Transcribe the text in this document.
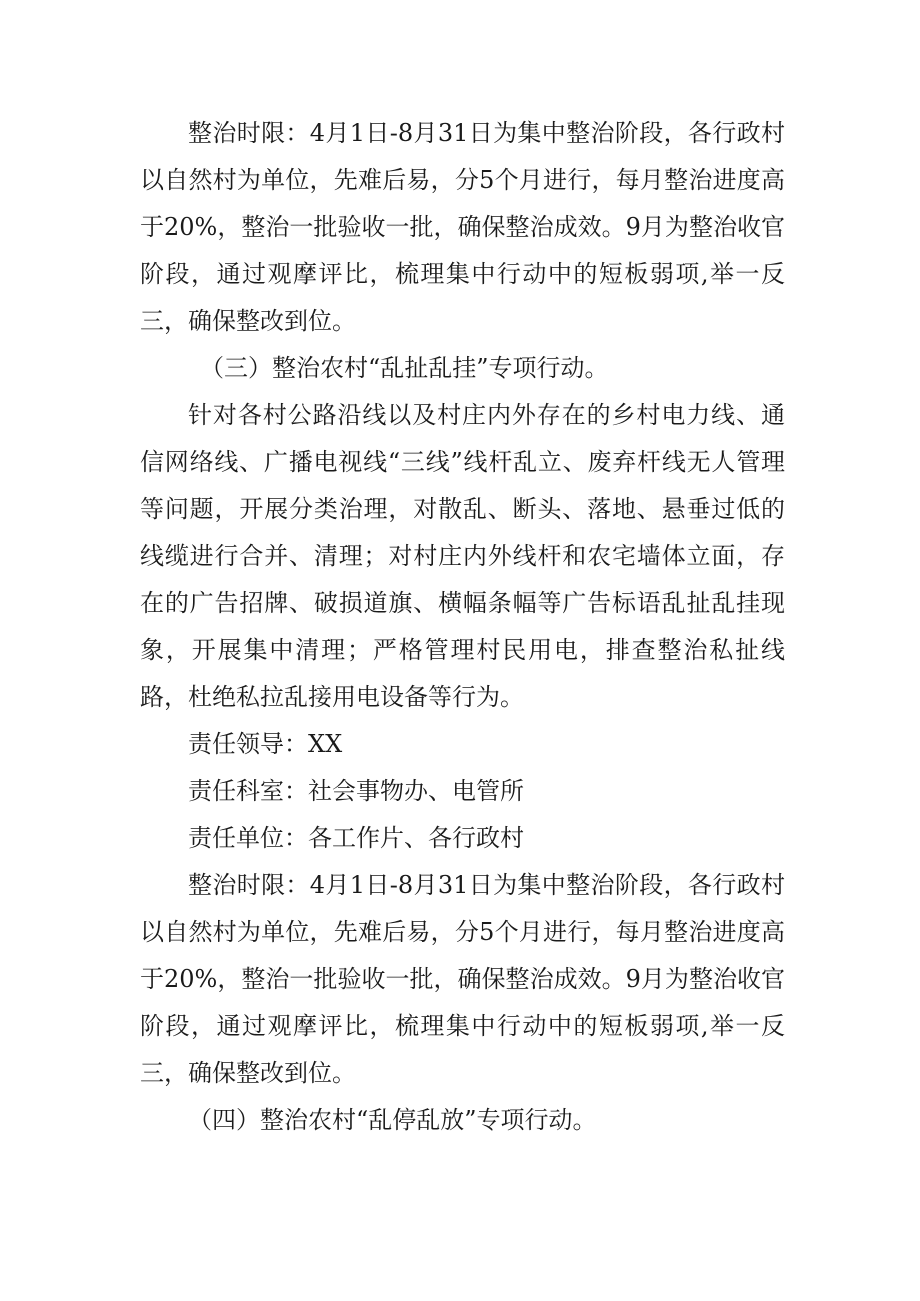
整治时限：4月1日-8月31日为集中整治阶段，各行政村以自然村为单位，先难后易，分5个月进行，每月整治进度高于20%，整治一批验收一批，确保整治成效。9月为整治收官阶段，通过观摩评比，梳理集中行动中的短板弱项,举一反三，确保整改到位。

（三）整治农村“乱扯乱挂”专项行动。

针对各村公路沿线以及村庄内外存在的乡村电力线、通信网络线、广播电视线“三线”线杆乱立、废弃杆线无人管理等问题，开展分类治理，对散乱、断头、落地、悬垂过低的线缆进行合并、清理；对村庄内外线杆和农宅墙体立面，存在的广告招牌、破损道旗、横幅条幅等广告标语乱扯乱挂现象，开展集中清理；严格管理村民用电，排查整治私扯线路，杜绝私拉乱接用电设备等行为。

责任领导：XX

责任科室：社会事物办、电管所

责任单位：各工作片、各行政村

整治时限：4月1日-8月31日为集中整治阶段，各行政村以自然村为单位，先难后易，分5个月进行，每月整治进度高于20%，整治一批验收一批，确保整治成效。9月为整治收官阶段，通过观摩评比，梳理集中行动中的短板弱项,举一反三，确保整改到位。

（四）整治农村“乱停乱放”专项行动。
